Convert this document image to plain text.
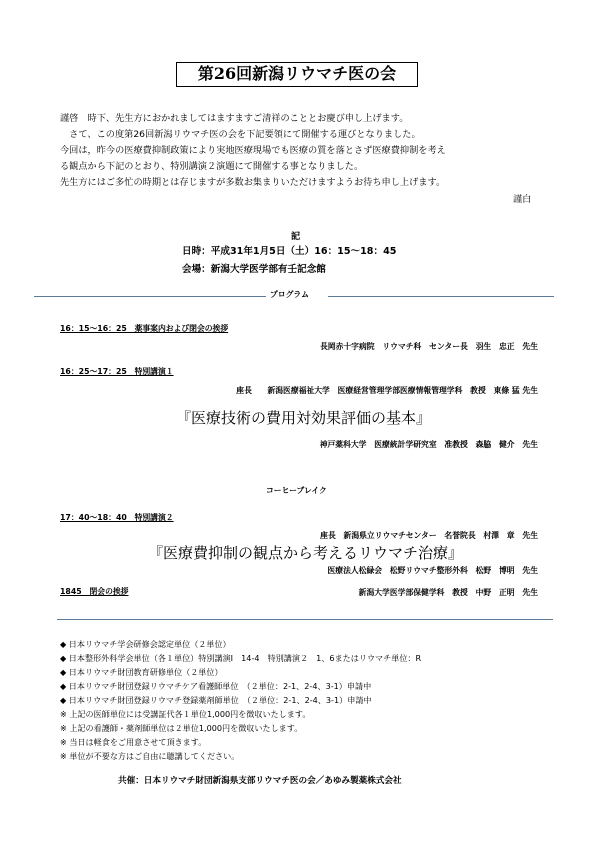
第26回新潟リウマチ医の会
謹啓　時下、先生方におかれましてはますますご清祥のこととお慶び申し上げます。
　さて、この度第26回新潟リウマチ医の会を下記要領にて開催する運びとなりました。
今回は，昨今の医療費抑制政策により実地医療現場でも医療の質を落とさず医療費抑制を考え
る観点から下記のとおり、特別講演２演題にて開催する事となりました。
先生方にはご多忙の時期とは存じますが多数お集まりいただけますようお待ち申し上げます。
謹白
記
日時：平成31年1月5日（土）16：15～18：45
会場：新潟大学医学部有壬記念館
プログラム
16：15～16：25　薬事案内および閉会の挨拶
長岡赤十字病院　リウマチ科　センター長　羽生　忠正　先生
16：25～17：25　特別講演１
座長　　新潟医療福祉大学　医療経営管理学部医療情報管理学科　教授　東條 猛 先生
『医療技術の費用対効果評価の基本』
神戸薬科大学　医療統計学研究室　准教授　森脇　健介　先生
コーヒーブレイク
17：40～18：40　特別講演２
座長　新潟県立リウマチセンター　名誉院長　村澤　章　先生
『医療費抑制の観点から考えるリウマチ治療』
医療法人松緑会　松野リウマチ整形外科　松野　博明　先生
1845　閉会の挨拶	新潟大学医学部保健学科　教授　中野　正明　先生
◆ 日本リウマチ学会研修会認定単位（２単位）
◆ 日本整形外科学会単位（各１単位）特別講演Ⅰ　14-4　特別講演２　1、6またはリウマチ単位：R
◆ 日本リウマチ財団教育研修単位（２単位）
◆ 日本リウマチ財団登録リウマチケア看護師単位　（２単位：2-1、2-4、3-1）申請中
◆ 日本リウマチ財団登録リウマチ登録薬剤師単位　（２単位：2-1、2-4、3-1）申請中
※ 上記の医師単位には受講証代各１単位1,000円を徴収いたします。
※ 上記の看護師・薬剤師単位は２単位1,000円を徴収いたします。
※ 当日は軽食をご用意させて頂きます。
※ 単位が不要な方はご自由に聴講してください。
共催：日本リウマチ財団新潟県支部リウマチ医の会／あゆみ製薬株式会社
